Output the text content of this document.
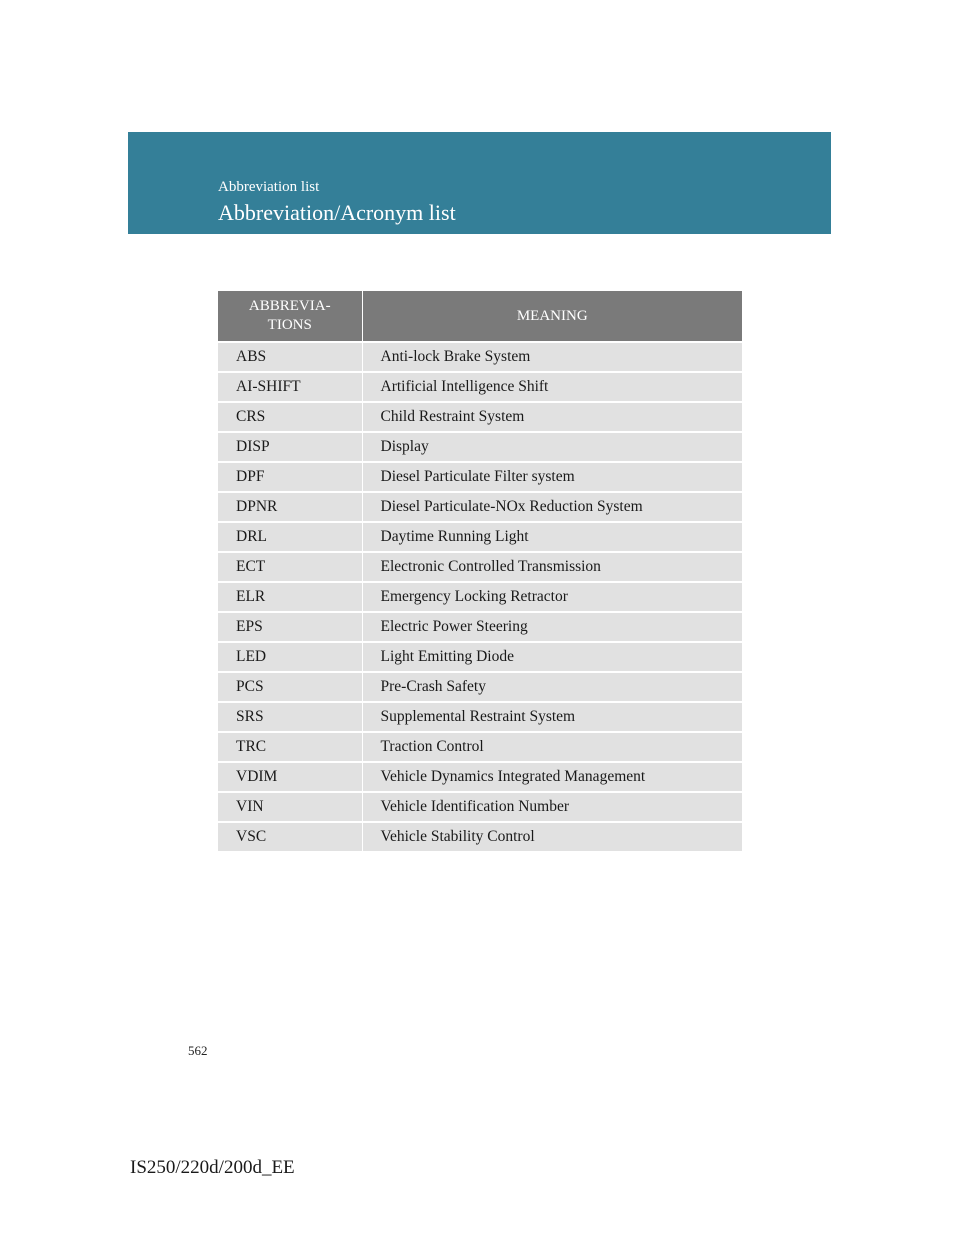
Abbreviation list
Abbreviation/Acronym list
ABBREVIA-
TIONS	MEANING
ABS	Anti-lock Brake System
AI-SHIFT	Artificial Intelligence Shift
CRS	Child Restraint System
DISP	Display
DPF	Diesel Particulate Filter system
DPNR	Diesel Particulate-NOx Reduction System
DRL	Daytime Running Light
ECT	Electronic Controlled Transmission
ELR	Emergency Locking Retractor
EPS	Electric Power Steering
LED	Light Emitting Diode
PCS	Pre-Crash Safety
SRS	Supplemental Restraint System
TRC	Traction Control
VDIM	Vehicle Dynamics Integrated Management
VIN	Vehicle Identification Number
VSC	Vehicle Stability Control
562
IS250/220d/200d_EE
